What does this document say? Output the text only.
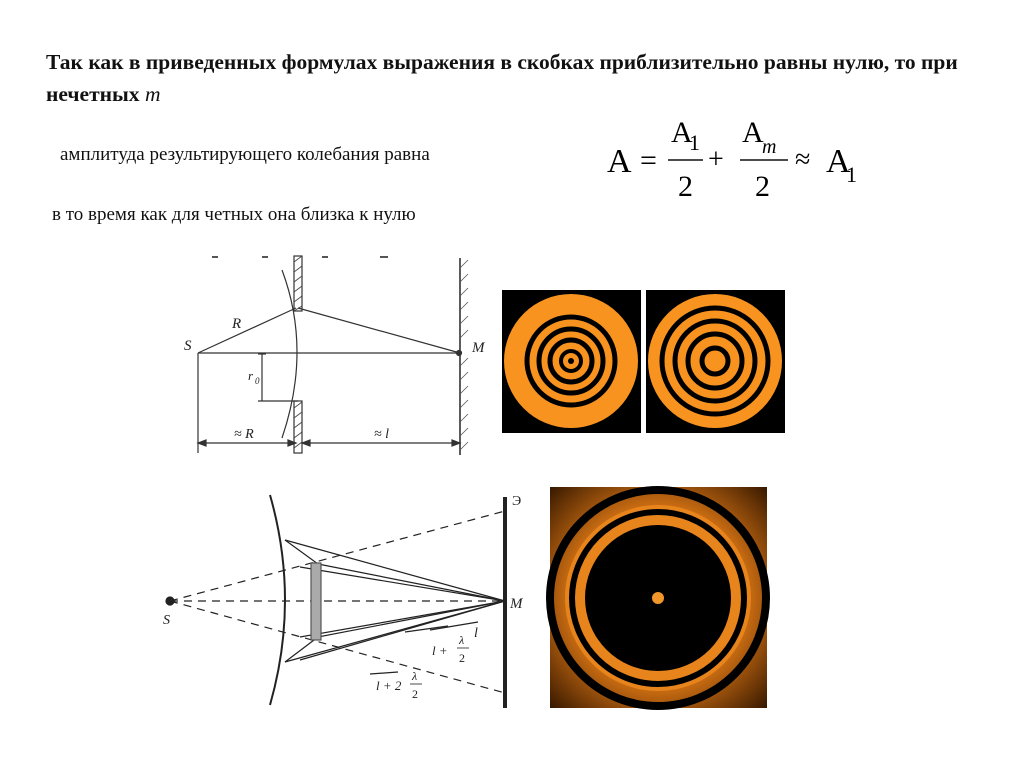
Так как в приведенных формулах выражения в скобках приблизительно равны нулю, то при нечетных m
амплитуда результирующего колебания равна
в то время как для четных она близка к нулю
A =
A
1
2
+
A
m
2
≈ A
1
S
R
M
r 0
≈ R	≈ l
S
M
Э
l
l +
λ
2
l + 2
λ
2
